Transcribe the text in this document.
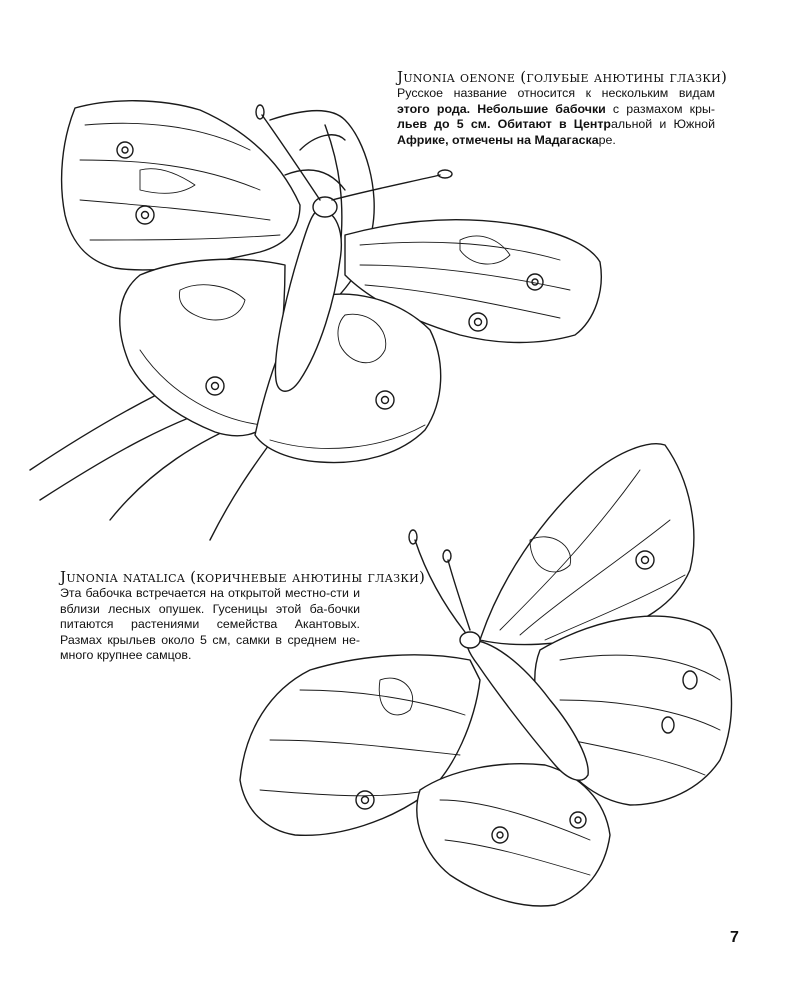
Junonia oenone (голубые анютины глазки)
Русское название относится к нескольким видам этого рода. Небольшие бабочки с размахом кры-льев до 5 см. Обитают в Центральной и Южной Африке, отмечены на Мадагаскаре.
Junonia natalica (коричневые анютины глазки)
Эта бабочка встречается на открытой местно-сти и вблизи лесных опушек. Гусеницы этой ба-бочки питаются растениями семейства Акантовых. Размах крыльев около 5 см, самки в среднем не-много крупнее самцов.
7
